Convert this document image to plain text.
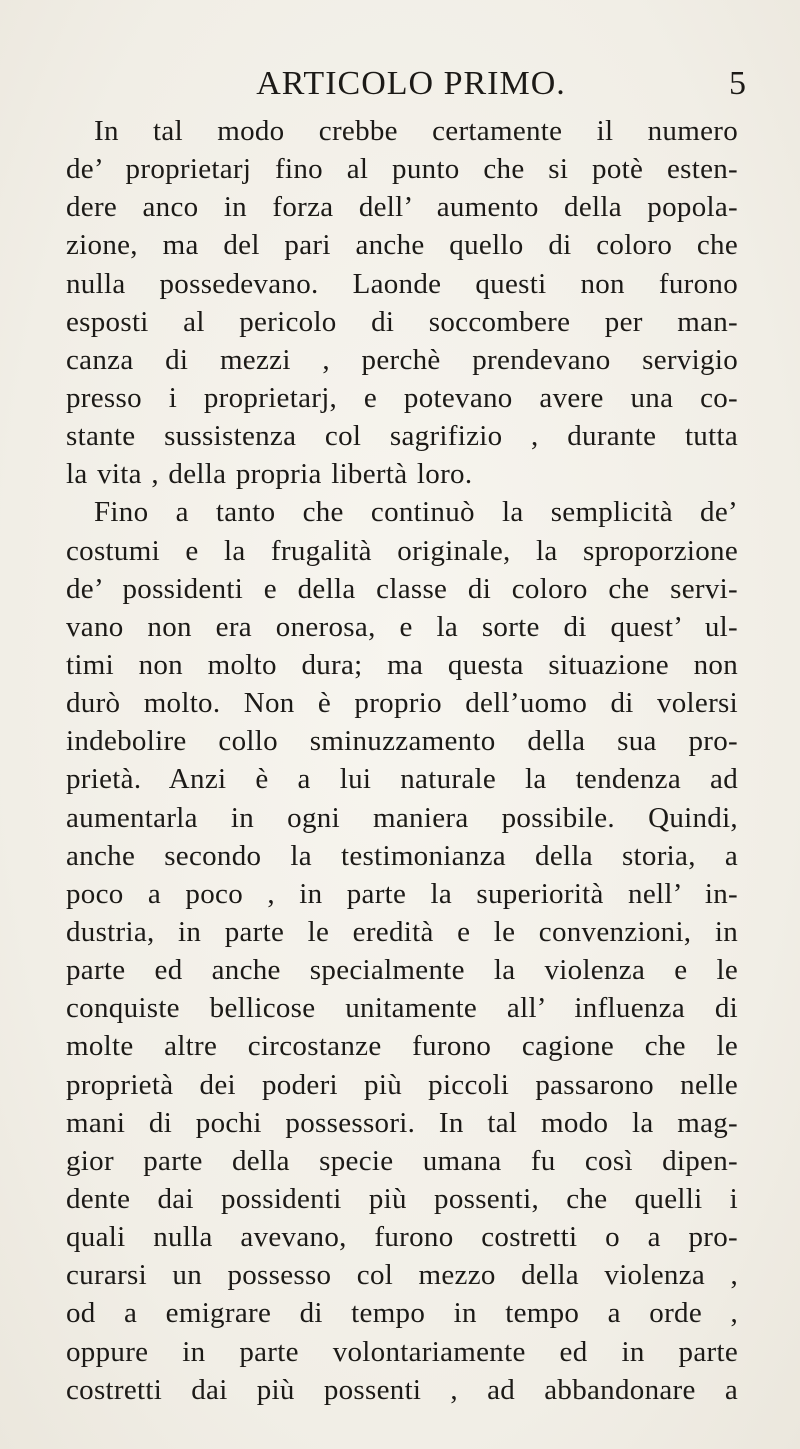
ARTICOLO PRIMO.	5
In tal modo crebbe certamente il numero
de’ proprietarj fino al punto che si potè esten-
dere anco in forza dell’ aumento della popola-
zione, ma del pari anche quello di coloro che
nulla possedevano. Laonde questi non furono
esposti al pericolo di soccombere per man-
canza di mezzi , perchè prendevano servigio
presso i proprietarj, e potevano avere una co-
stante sussistenza col sagrifizio , durante tutta
la vita , della propria libertà loro.
Fino a tanto che continuò la semplicità de’
costumi e la frugalità originale, la sproporzione
de’ possidenti e della classe di coloro che servi-
vano non era onerosa, e la sorte di quest’ ul-
timi non molto dura; ma questa situazione non
durò molto. Non è proprio dell’uomo di volersi
indebolire collo sminuzzamento della sua pro-
prietà. Anzi è a lui naturale la tendenza ad
aumentarla in ogni maniera possibile. Quindi,
anche secondo la testimonianza della storia, a
poco a poco , in parte la superiorità nell’ in-
dustria, in parte le eredità e le convenzioni, in
parte ed anche specialmente la violenza e le
conquiste bellicose unitamente all’ influenza di
molte altre circostanze furono cagione che le
proprietà dei poderi più piccoli passarono nelle
mani di pochi possessori. In tal modo la mag-
gior parte della specie umana fu così dipen-
dente dai possidenti più possenti, che quelli i
quali nulla avevano, furono costretti o a pro-
curarsi un possesso col mezzo della violenza ,
od a emigrare di tempo in tempo a orde ,
oppure in parte volontariamente ed in parte
costretti dai più possenti , ad abbandonare a
